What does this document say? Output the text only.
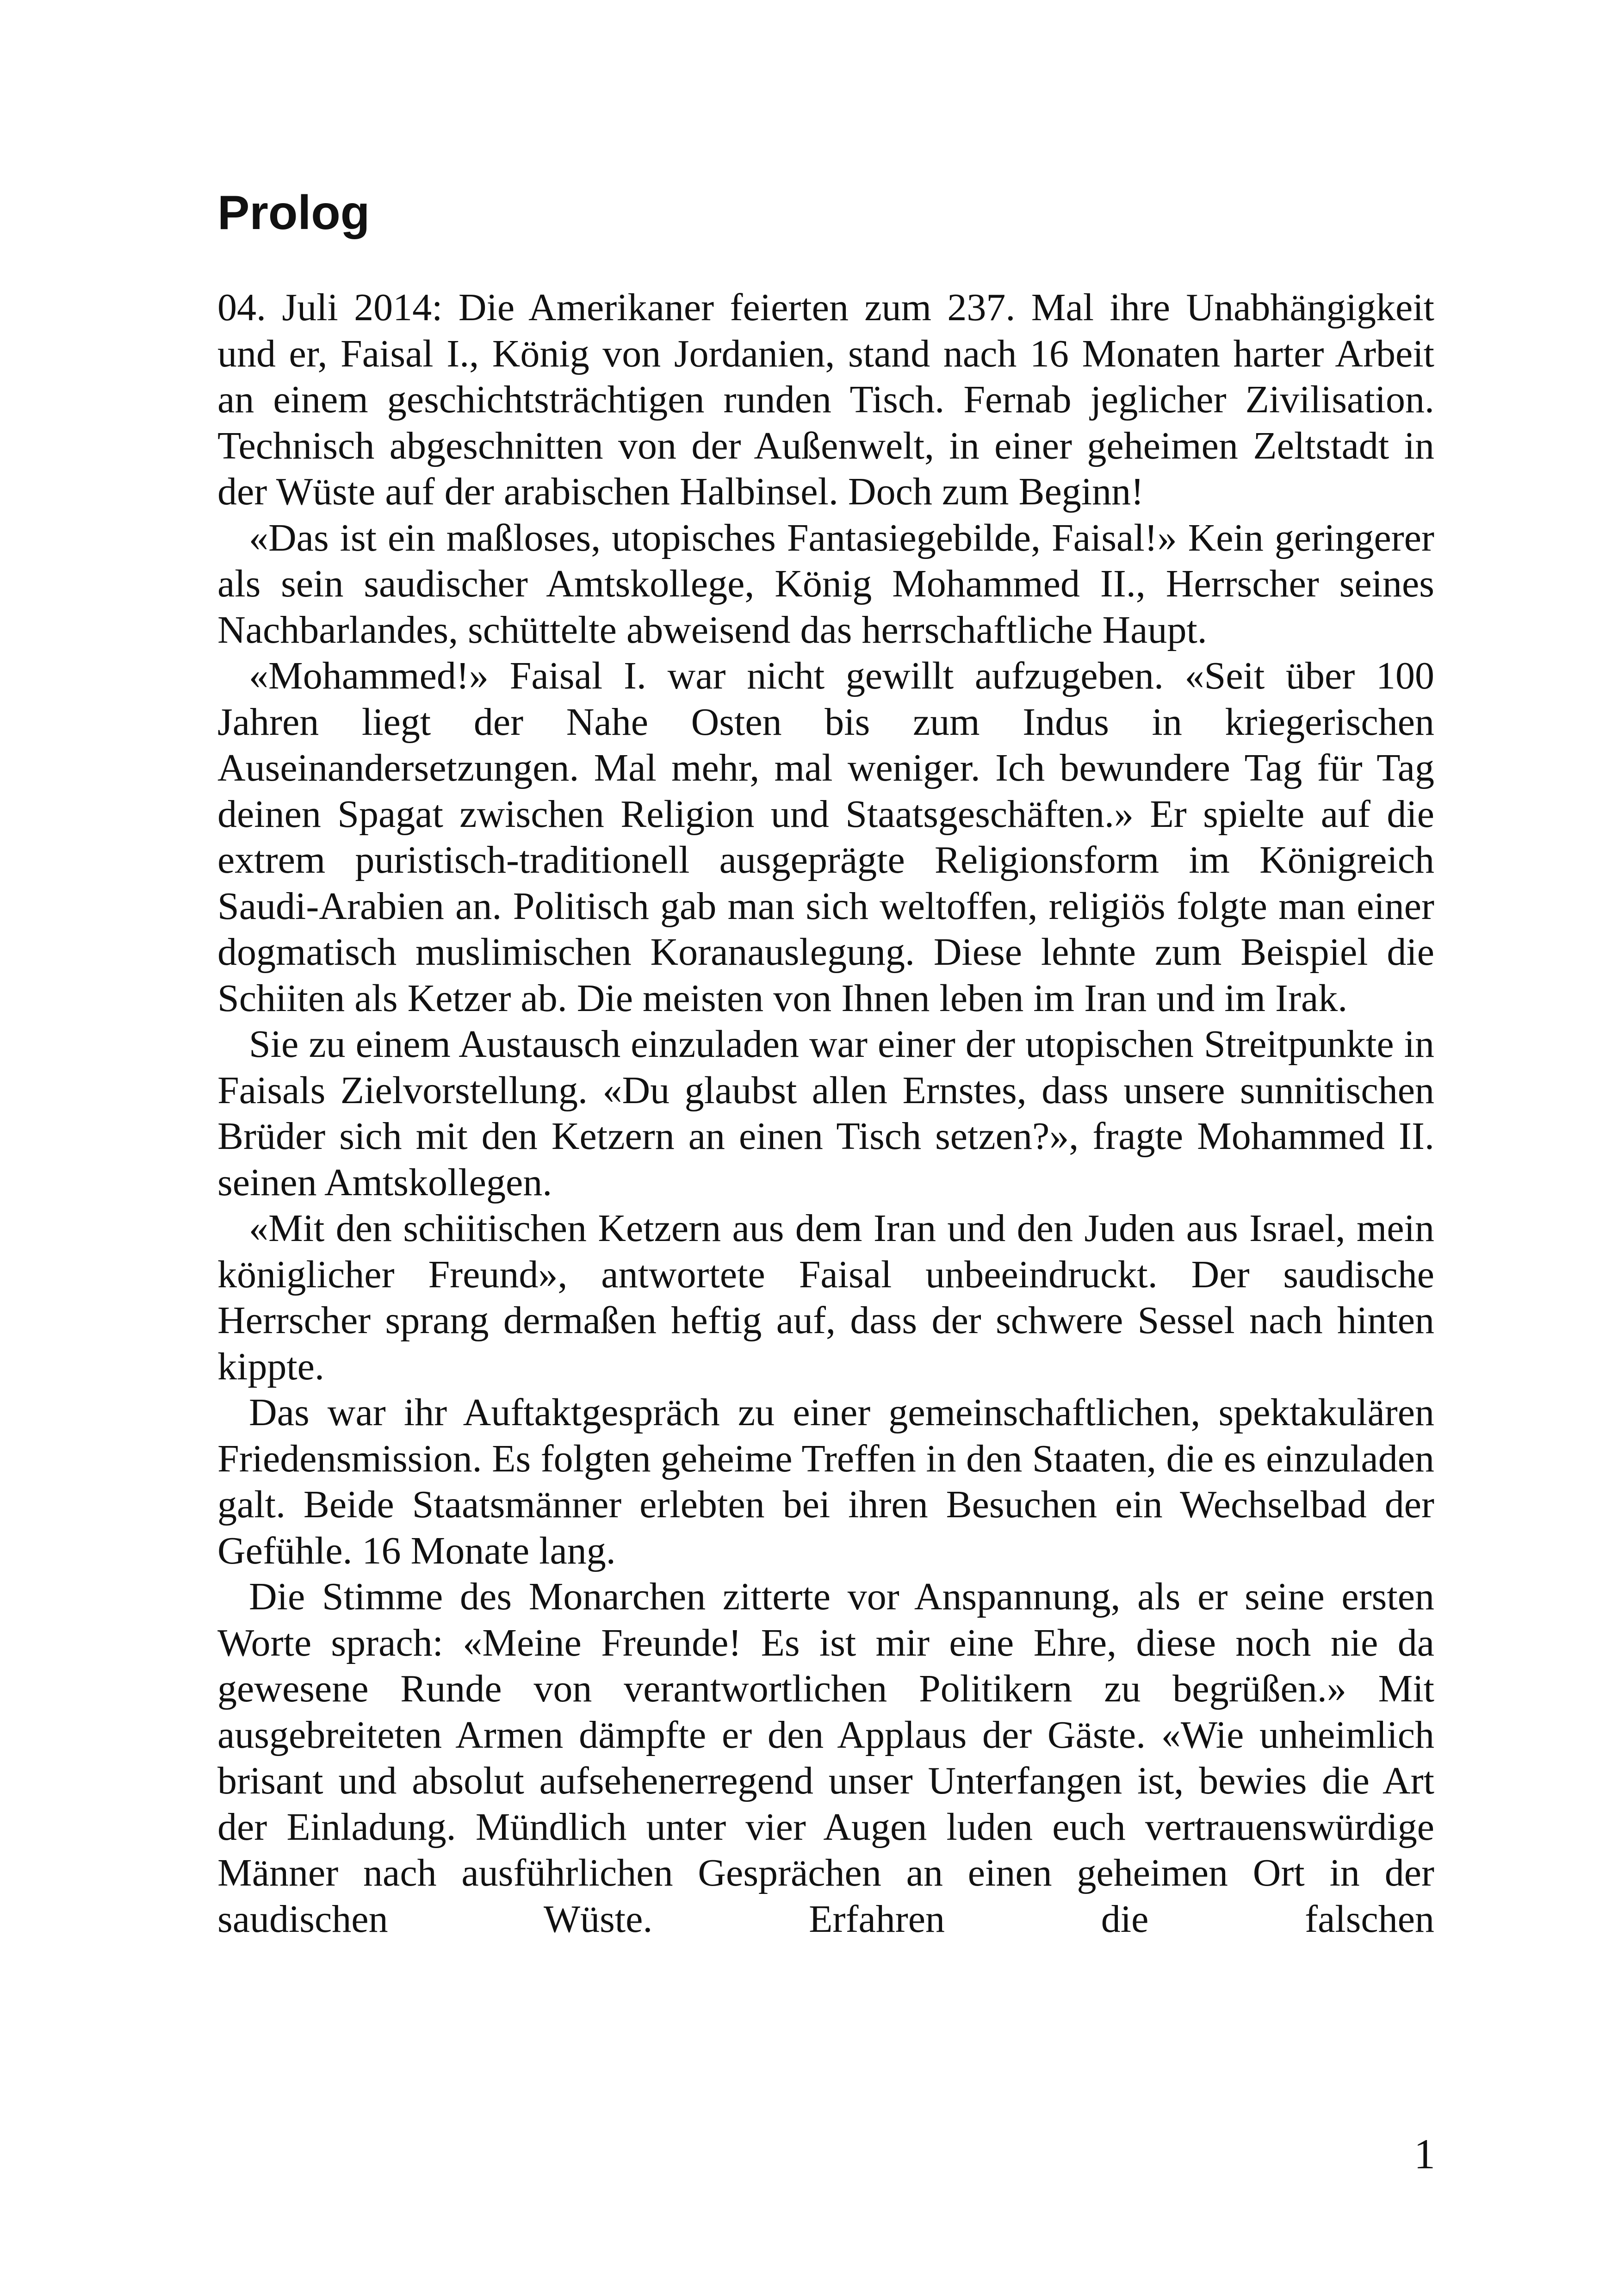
Prolog

04. Juli 2014: Die Amerikaner feierten zum 237. Mal ihre Unabhängigkeit und er, Faisal I., König von Jordanien, stand nach 16 Monaten harter Arbeit an einem geschichtsträchtigen runden Tisch. Fernab jeglicher Zivilisation. Technisch abgeschnitten von der Außenwelt, in einer geheimen Zeltstadt in der Wüste auf der arabischen Halbinsel. Doch zum Beginn!

«Das ist ein maßloses, utopisches Fantasiegebilde, Faisal!» Kein geringerer als sein saudischer Amtskollege, König Mohammed II., Herrscher seines Nachbarlandes, schüttelte abweisend das herrschaftliche Haupt.

«Mohammed!» Faisal I. war nicht gewillt aufzugeben. «Seit über 100 Jahren liegt der Nahe Osten bis zum Indus in kriegerischen Auseinandersetzungen. Mal mehr, mal weniger. Ich bewundere Tag für Tag deinen Spagat zwischen Religion und Staatsgeschäften.» Er spielte auf die extrem puristisch-traditionell ausgeprägte Religionsform im Königreich Saudi-Arabien an. Politisch gab man sich weltoffen, religiös folgte man einer dogmatisch muslimischen Koranauslegung. Diese lehnte zum Beispiel die Schiiten als Ketzer ab. Die meisten von Ihnen leben im Iran und im Irak.

Sie zu einem Austausch einzuladen war einer der utopischen Streitpunkte in Faisals Zielvorstellung. «Du glaubst allen Ernstes, dass unsere sunnitischen Brüder sich mit den Ketzern an einen Tisch setzen?», fragte Mohammed II. seinen Amtskollegen.

«Mit den schiitischen Ketzern aus dem Iran und den Juden aus Israel, mein königlicher Freund», antwortete Faisal unbeeindruckt. Der saudische Herrscher sprang dermaßen heftig auf, dass der schwere Sessel nach hinten kippte.

Das war ihr Auftaktgespräch zu einer gemeinschaftlichen, spektakulären Friedensmission. Es folgten geheime Treffen in den Staaten, die es einzuladen galt. Beide Staatsmänner erlebten bei ihren Besuchen ein Wechselbad der Gefühle. 16 Monate lang.

Die Stimme des Monarchen zitterte vor Anspannung, als er seine ersten Worte sprach: «Meine Freunde! Es ist mir eine Ehre, diese noch nie da gewesene Runde von verantwortlichen Politikern zu begrüßen.» Mit ausgebreiteten Armen dämpfte er den Applaus der Gäste. «Wie unheimlich brisant und absolut aufsehenerregend unser Unterfangen ist, bewies die Art der Einladung. Mündlich unter vier Augen luden euch vertrauenswürdige Männer nach ausführlichen Gesprächen an einen geheimen Ort in der saudischen Wüste. Erfahren die falschen

1
